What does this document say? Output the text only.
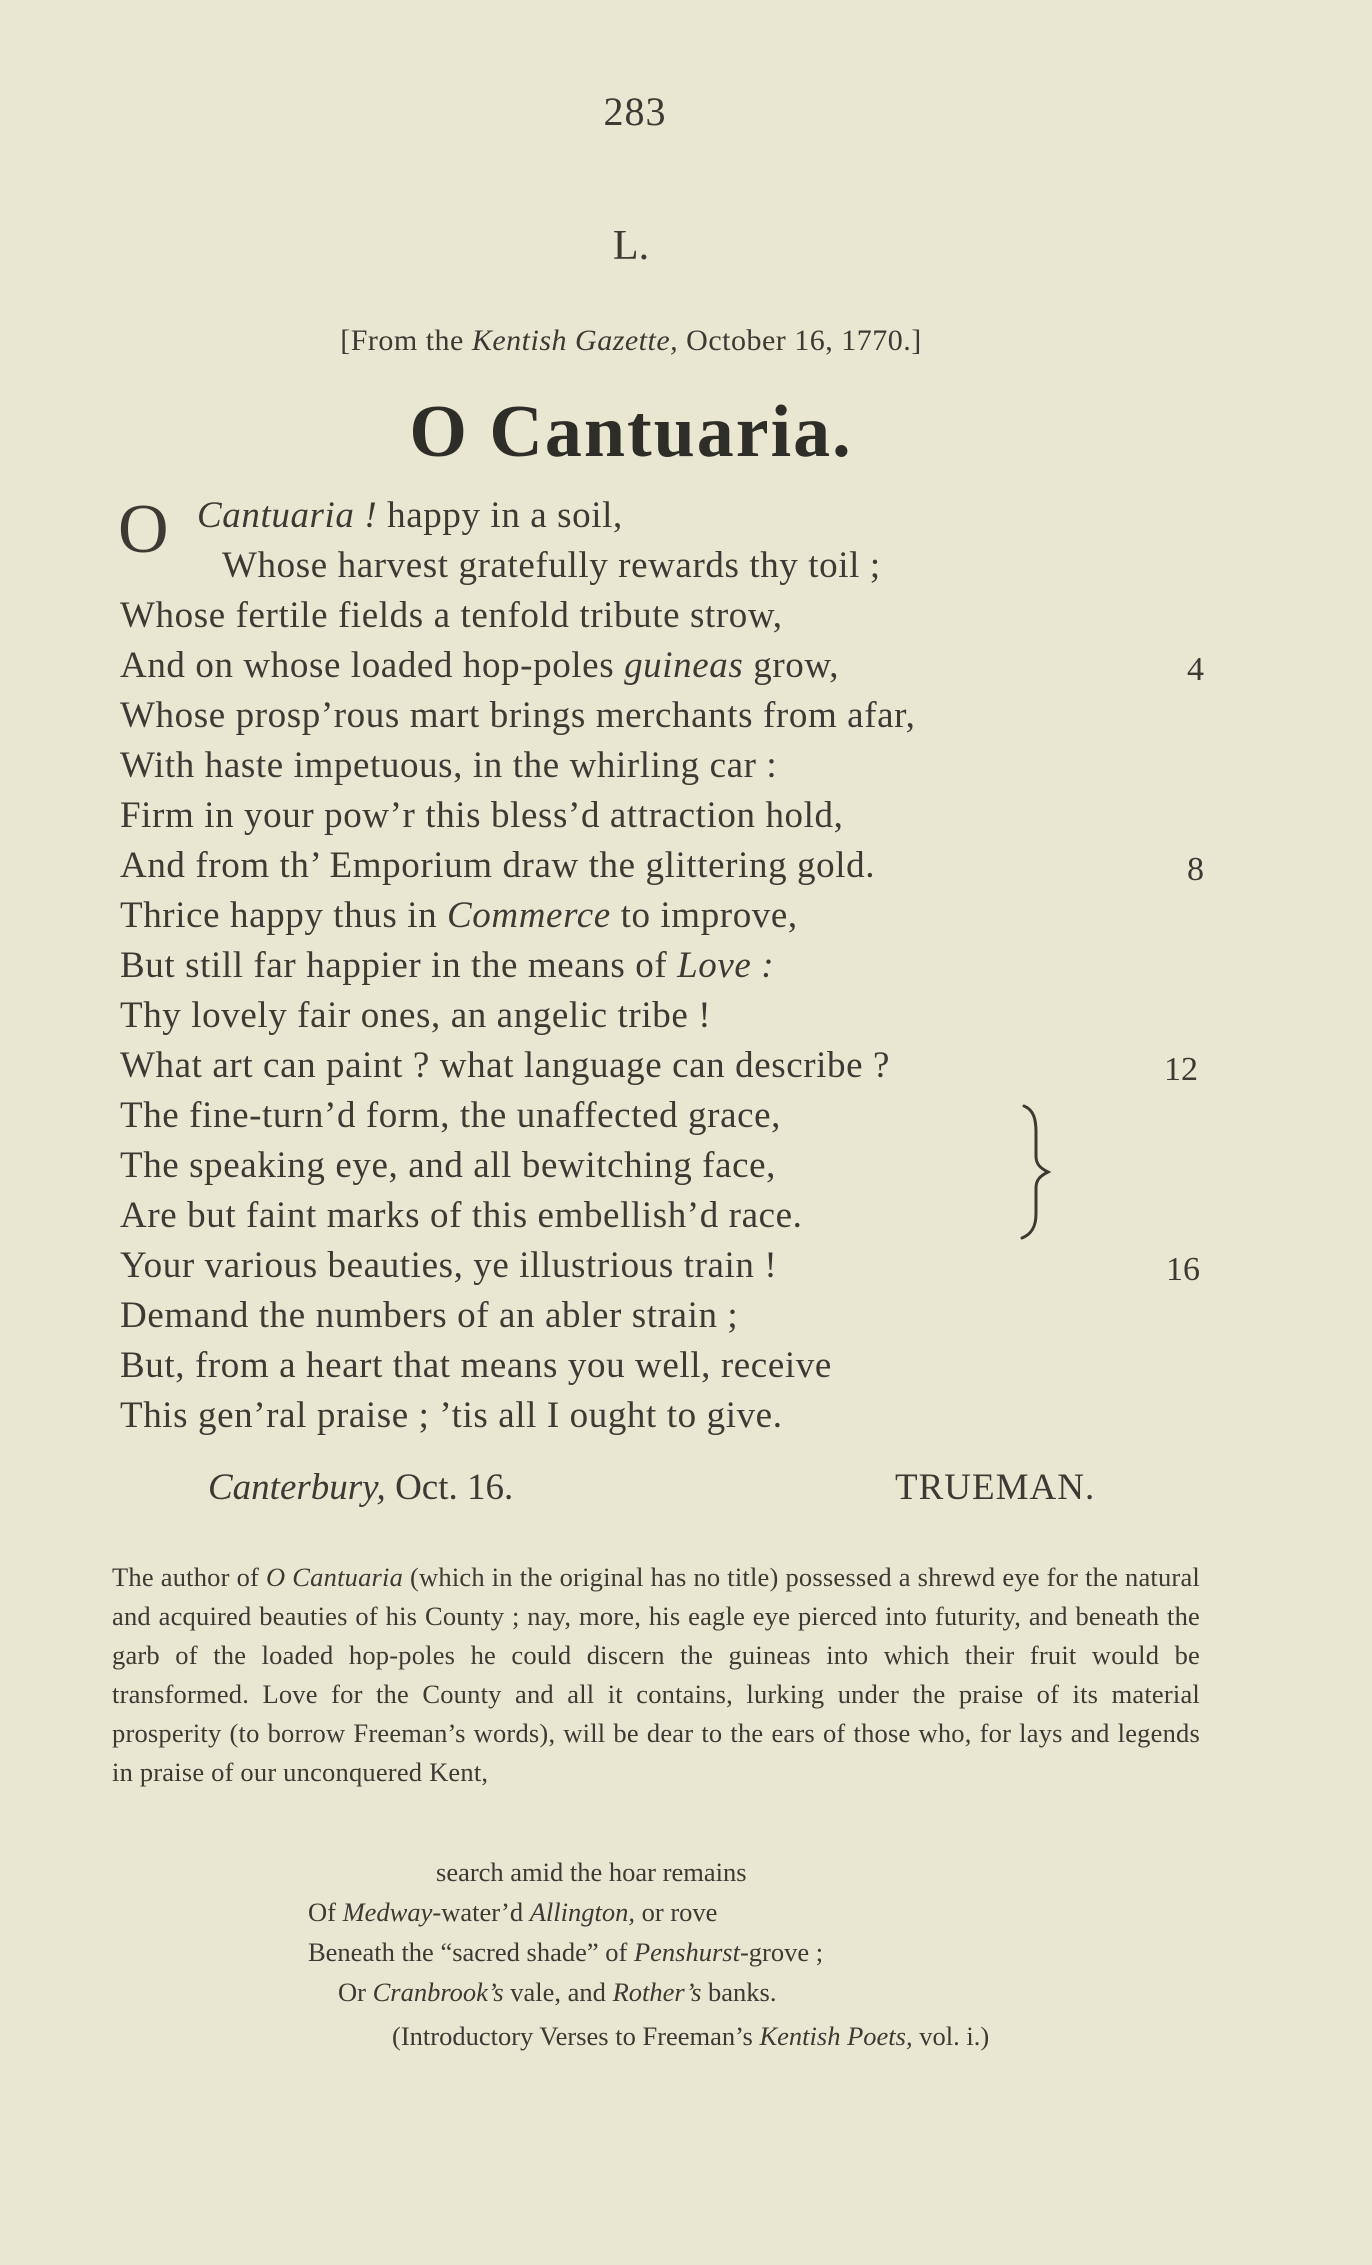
283
L.
[From the Kentish Gazette, October 16, 1770.]
O Cantuaria.
O Cantuaria ! happy in a soil,
Whose harvest gratefully rewards thy toil ;
Whose fertile fields a tenfold tribute strow,
And on whose loaded hop-poles guineas grow,
Whose prosp’rous mart brings merchants from afar,
With haste impetuous, in the whirling car :
Firm in your pow’r this bless’d attraction hold,
And from th’ Emporium draw the glittering gold.
Thrice happy thus in Commerce to improve,
But still far happier in the means of Love :
Thy lovely fair ones, an angelic tribe !
What art can paint ? what language can describe ?
The fine-turn’d form, the unaffected grace,
The speaking eye, and all bewitching face,
Are but faint marks of this embellish’d race.
Your various beauties, ye illustrious train !
Demand the numbers of an abler strain ;
But, from a heart that means you well, receive
This gen’ral praise ; ’tis all I ought to give.
4
8
12
16
Canterbury, Oct. 16.	TRUEMAN.
The author of O Cantuaria (which in the original has no title) possessed a shrewd eye for the natural and acquired beauties of his County ; nay, more, his eagle eye pierced into futurity, and beneath the garb of the loaded hop-poles he could discern the guineas into which their fruit would be transformed. Love for the County and all it contains, lurking under the praise of its material prosperity (to borrow Freeman’s words), will be dear to the ears of those who, for lays and legends in praise of our unconquered Kent,
search amid the hoar remains
Of Medway-water’d Allington, or rove
Beneath the “sacred shade” of Penshurst-grove ;
Or Cranbrook’s vale, and Rother’s banks.
(Introductory Verses to Freeman’s Kentish Poets, vol. i.)
